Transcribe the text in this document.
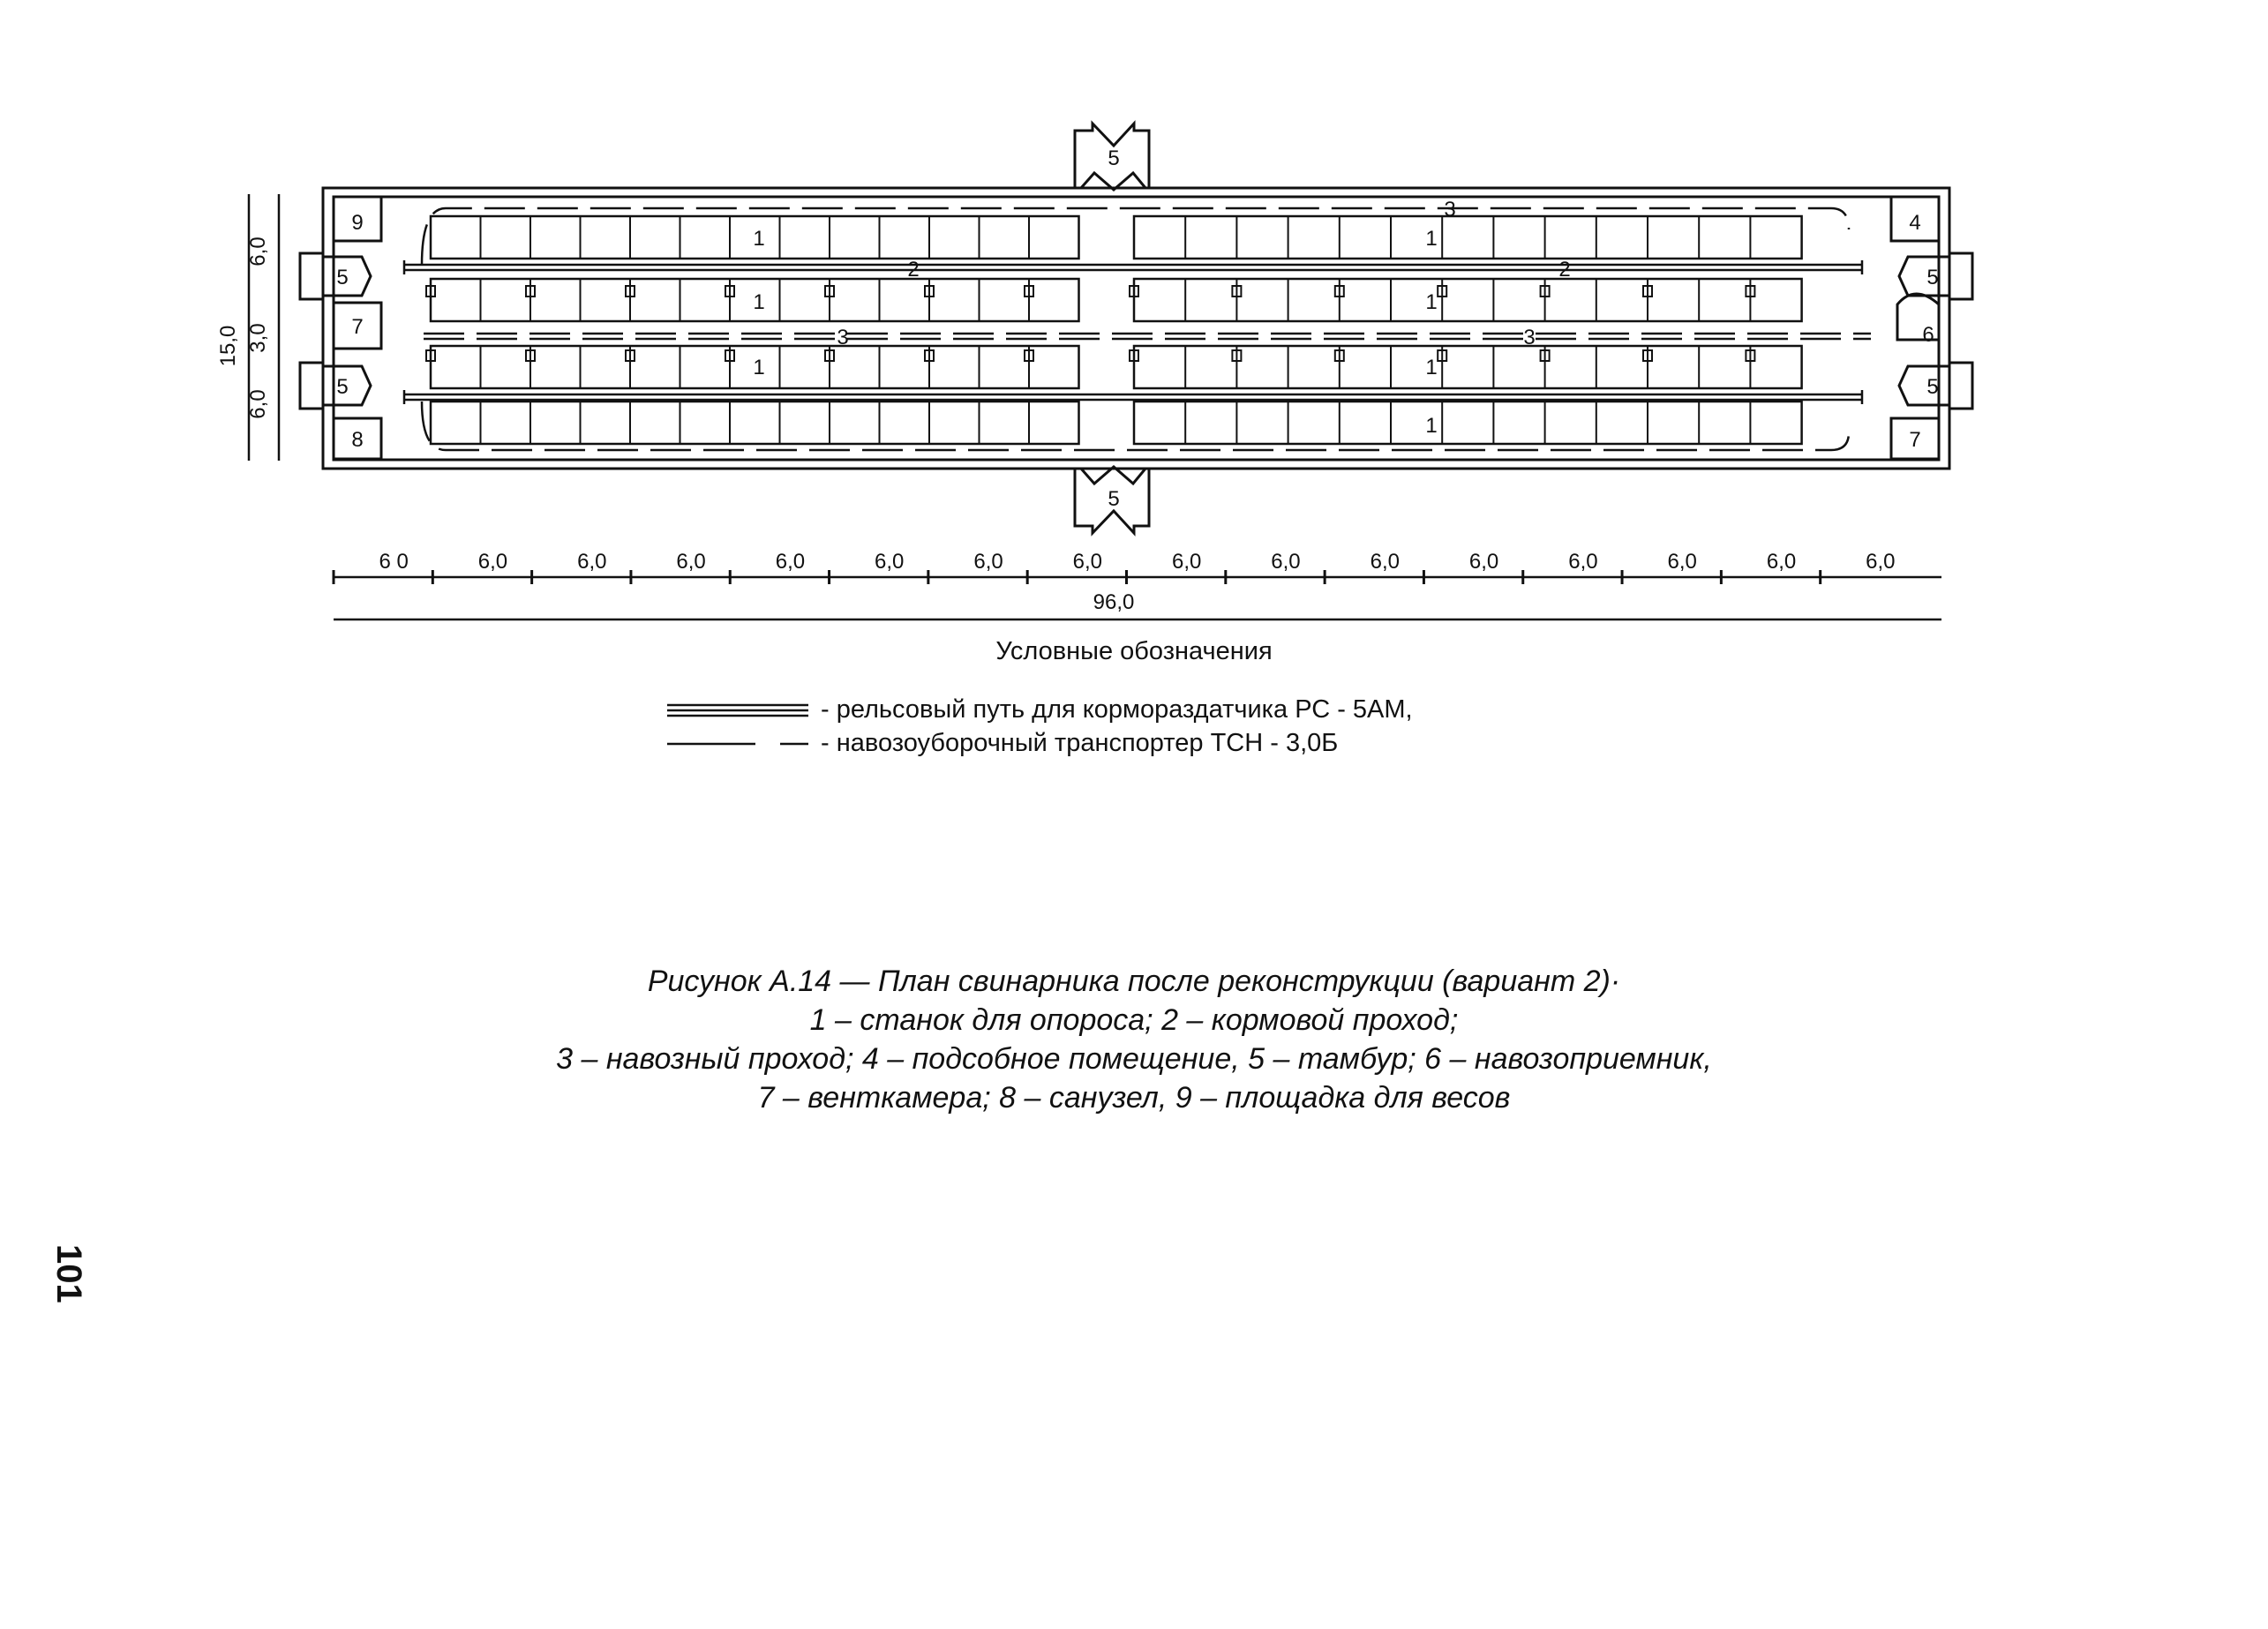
9
7
8
5
5
4
7
6
5
5
5
5
1
1
1
1
1
1
1
2	2
3
3	3
15,0
6,0
3,0
6,0
6 0	6,0	6,0	6,0	6,0	6,0	6,0	6,0	6,0	6,0	6,0	6,0	6,0	6,0	6,0	6,0
96,0
Условные обозначения
- рельсовый путь для кормораздатчика РС - 5АМ,
- навозоуборочный транспортер ТСН - 3,0Б
Рисунок А.14 — План свинарника после реконструкции (вариант 2)·
1 – станок для опороса; 2 – кормовой проход;
3 – навозный проход; 4 – подсобное помещение, 5 – тамбур; 6 – навозоприемник,
7 – венткамера; 8 – санузел, 9 – площадка для весов
101
